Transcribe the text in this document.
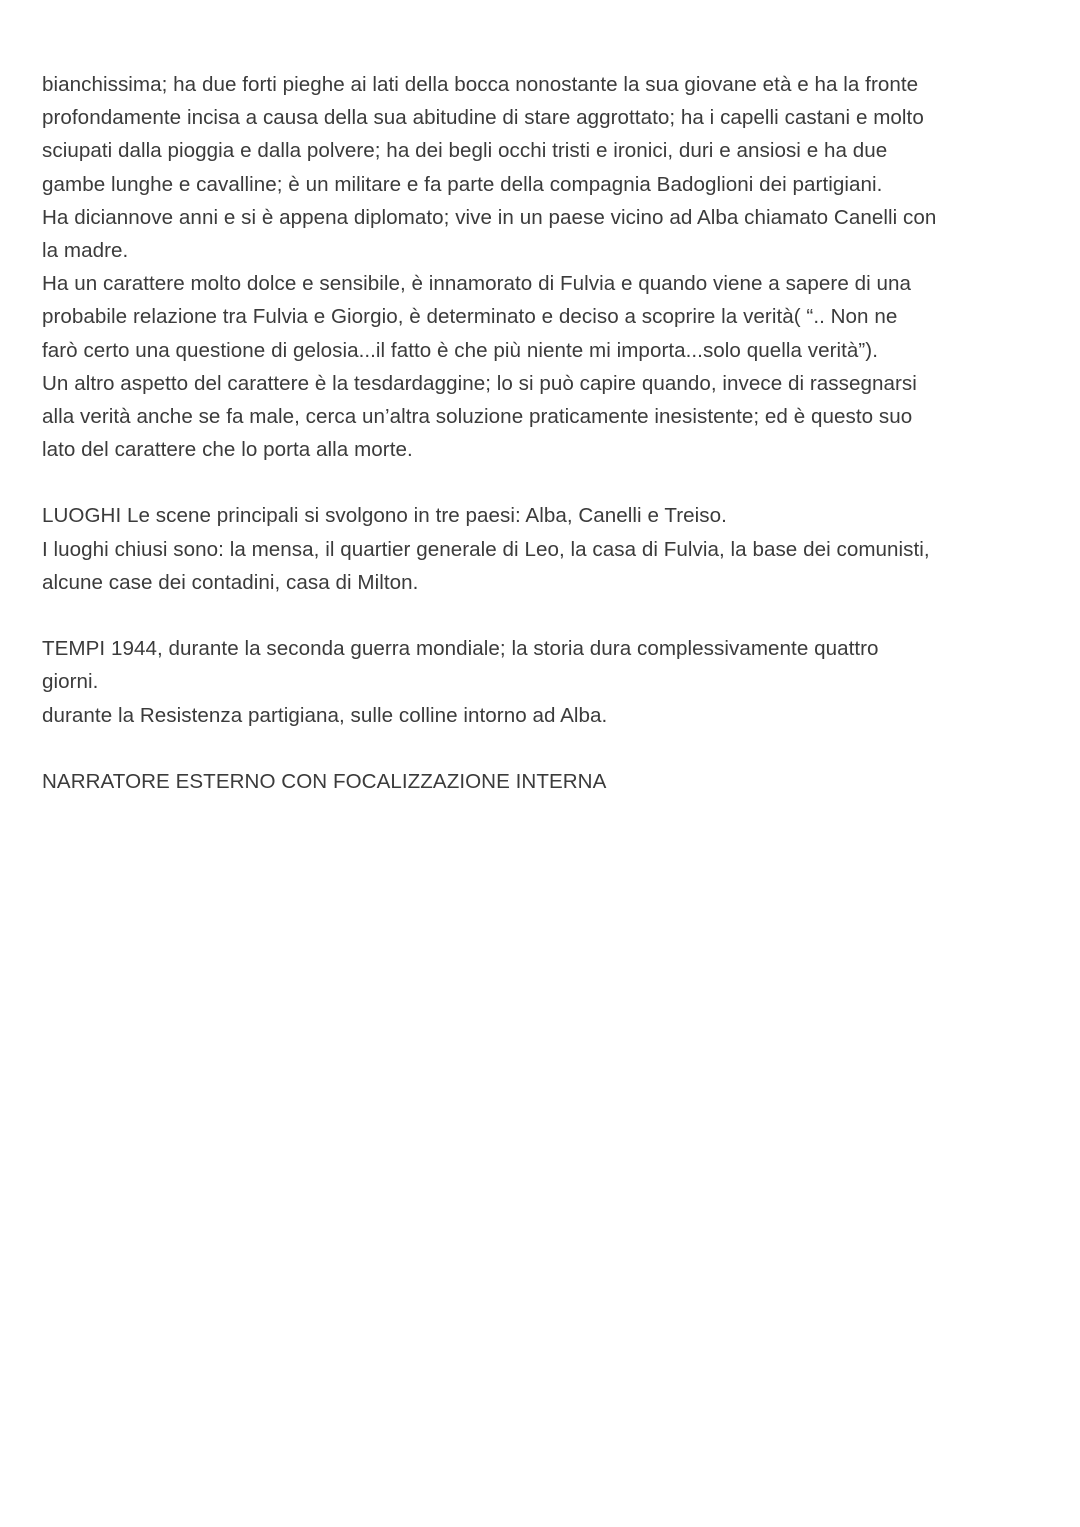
bianchissima; ha due forti pieghe ai lati della bocca nonostante la sua giovane età e ha la fronte
profondamente incisa a causa della sua abitudine di stare aggrottato; ha i capelli castani e molto
sciupati dalla pioggia e dalla polvere; ha dei begli occhi tristi e ironici, duri e ansiosi e ha due
gambe lunghe e cavalline; è un militare e fa parte della compagnia Badoglioni dei partigiani.
Ha diciannove anni e si è appena diplomato; vive in un paese vicino ad Alba chiamato Canelli con
la madre.
Ha un carattere molto dolce e sensibile, è innamorato di Fulvia e quando viene a sapere di una
probabile relazione tra Fulvia e Giorgio, è determinato e deciso a scoprire la verità( “.. Non ne
farò certo una questione di gelosia...il fatto è che più niente mi importa...solo quella verità”).
Un altro aspetto del carattere è la tesdardaggine; lo si può capire quando, invece di rassegnarsi
alla verità anche se fa male, cerca un’altra soluzione praticamente inesistente; ed è questo suo
lato del carattere che lo porta alla morte.
LUOGHI Le scene principali si svolgono in tre paesi: Alba, Canelli e Treiso.
I luoghi chiusi sono: la mensa, il quartier generale di Leo, la casa di Fulvia, la base dei comunisti,
alcune case dei contadini, casa di Milton.
TEMPI 1944, durante la seconda guerra mondiale; la storia dura complessivamente quattro
giorni.
durante la Resistenza partigiana, sulle colline intorno ad Alba.
NARRATORE ESTERNO CON FOCALIZZAZIONE INTERNA
